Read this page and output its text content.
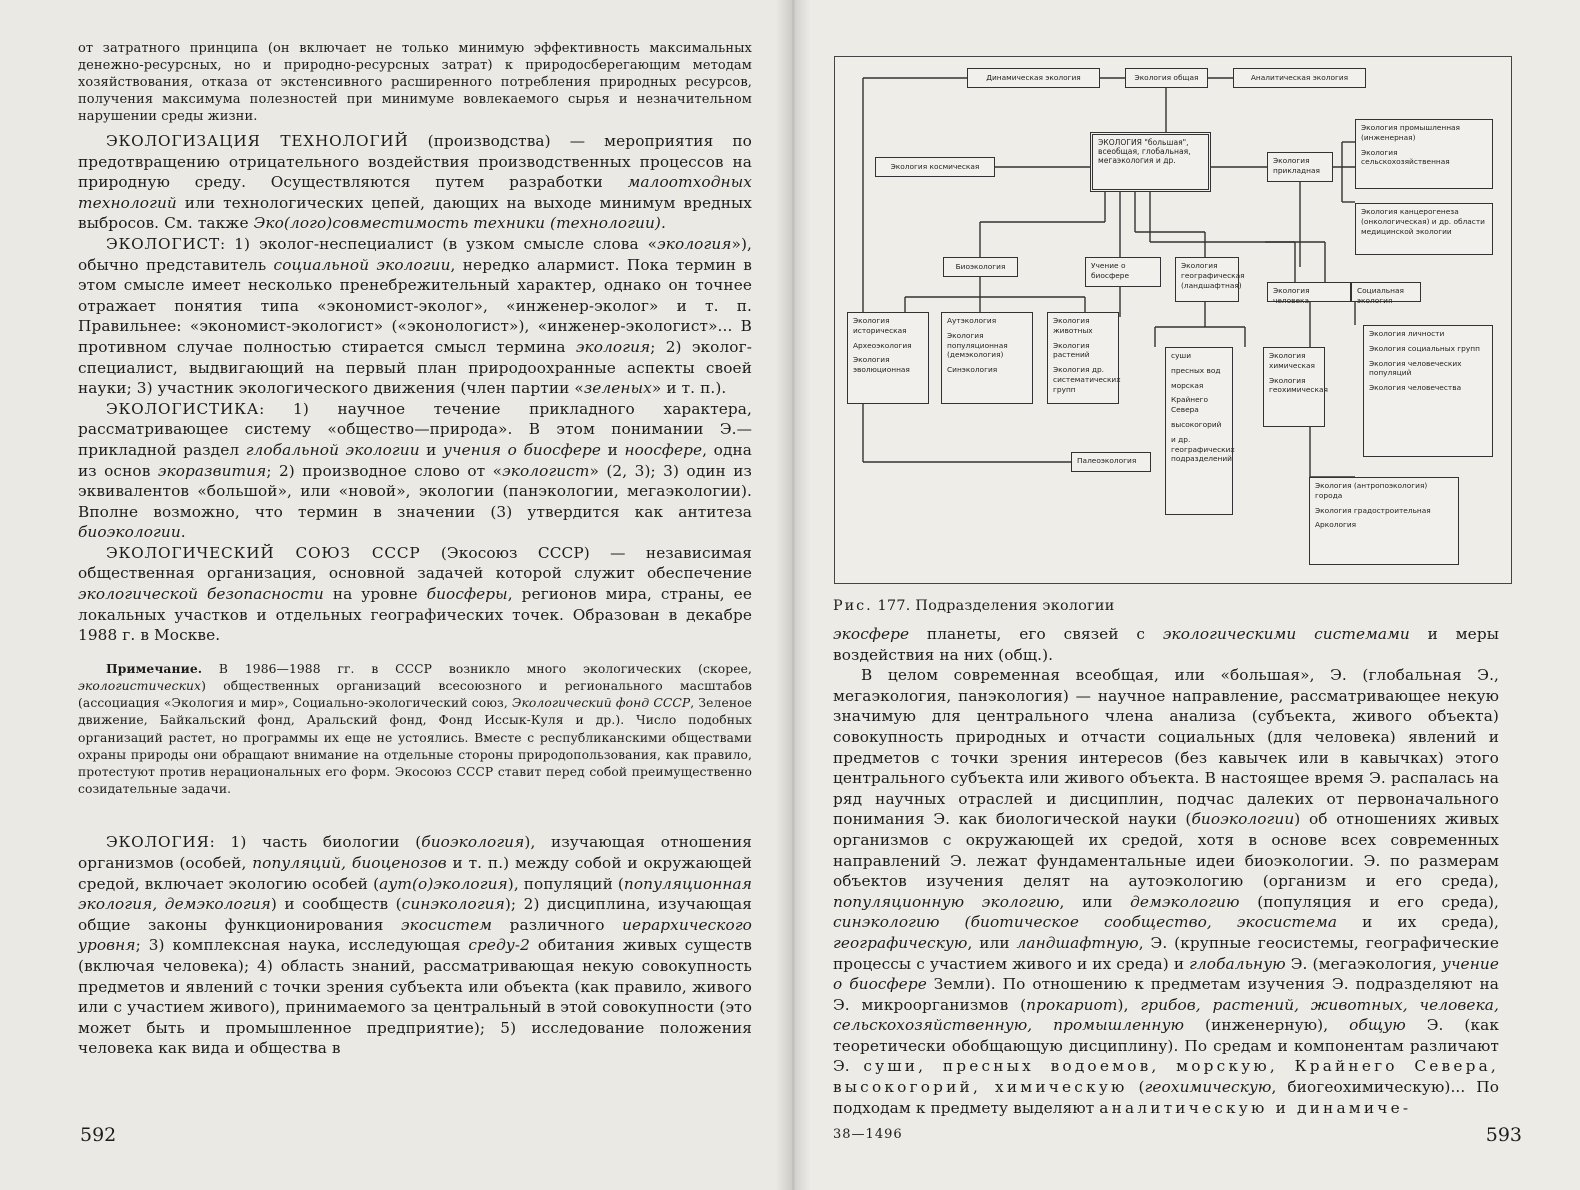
от затратного принципа (он включает не только минимую эффективность максимальных денежно-ресурсных, но и природно-ресурсных затрат) к природосберегающим методам хозяйствования, отказа от экстенсивного расширенного потребления природных ресурсов, получения максимума полезностей при минимуме вовлекаемого сырья и незначительном нарушении среды жизни.

ЭКОЛОГИЗАЦИЯ ТЕХНОЛОГИЙ (производства) — мероприятия по предотвращению отрицательного воздействия производственных процессов на природную среду. Осуществляются путем разработки малоотходных технологий или технологических цепей, дающих на выходе минимум вредных выбросов. См. также Эко(лого)совместимость техники (технологии).

ЭКОЛОГИСТ: 1) эколог-неспециалист (в узком смысле слова «экология»), обычно представитель социальной экологии, нередко алармист. Пока термин в этом смысле имеет несколько пренебрежительный характер, однако он точнее отражает понятия типа «экономист-эколог», «инженер-эколог» и т. п. Правильнее: «экономист-экологист» («эконологист»), «инженер-экологист»... В противном случае полностью стирается смысл термина экология; 2) эколог-специалист, выдвигающий на первый план природоохранные аспекты своей науки; 3) участник экологического движения (член партии «зеленых» и т. п.).

ЭКОЛОГИСТИКА: 1) научное течение прикладного характера, рассматривающее систему «общество—природа». В этом понимании Э.— прикладной раздел глобальной экологии и учения о биосфере и ноосфере, одна из основ экоразвития; 2) производное слово от «экологист» (2, 3); 3) один из эквивалентов «большой», или «новой», экологии (панэкологии, мегаэкологии). Вполне возможно, что термин в значении (3) утвердится как антитеза биоэкологии.

ЭКОЛОГИЧЕСКИЙ СОЮЗ СССР (Экосоюз СССР) — независимая общественная организация, основной задачей которой служит обеспечение экологической безопасности на уровне биосферы, регионов мира, страны, ее локальных участков и отдельных географических точек. Образован в декабре 1988 г. в Москве.

Примечание. В 1986—1988 гг. в СССР возникло много экологических (скорее, экологистических) общественных организаций всесоюзного и регионального масштабов (ассоциация «Экология и мир», Социально-экологический союз, Экологический фонд СССР, Зеленое движение, Байкальский фонд, Аральский фонд, Фонд Иссык-Куля и др.). Число подобных организаций растет, но программы их еще не устоялись. Вместе с республиканскими обществами охраны природы они обращают внимание на отдельные стороны природопользования, как правило, протестуют против нерациональных его форм. Экосоюз СССР ставит перед собой преимущественно созидательные задачи.

ЭКОЛОГИЯ: 1) часть биологии (биоэкология), изучающая отношения организмов (особей, популяций, биоценозов и т. п.) между собой и окружающей средой, включает экологию особей (аут(о)экология), популяций (популяционная экология, демэкология) и сообществ (синэкология); 2) дисциплина, изучающая общие законы функционирования экосистем различного иерархического уровня; 3) комплексная наука, исследующая среду-2 обитания живых существ (включая человека); 4) область знаний, рассматривающая некую совокупность предметов и явлений с точки зрения субъекта или объекта (как правило, живого или с участием живого), принимаемого за центральный в этой совокупности (это может быть и промышленное предприятие); 5) исследование положения человека как вида и общества в

592
Динамическая экология	Экология общая	Аналитическая экология
ЭКОЛОГИЯ "большая", всеобщая, глобальная, мегаэкология и др.
Экология космическая
Экология прикладная
Экология промышленная (инженерная)
Экология сельскохозяйственная
Экология канцерогенеза (онкологическая) и др. области медицинской экологии
Биоэкология	Учение о биосфере
Экология географическая (ландшафтная)
Экология человека
Социальная экология
Экология историческая
Археоэкология
Экология эволюционная
Аутэкология
Экология популяционная (демэкология)
Синэкология
Экология животных
Экология растений
Экология др. систематических групп
Палеоэкология
суши
пресных вод
морская
Крайнего Севера
высокогорий
и др. географических подразделений
Экология химическая
Экология геохимическая
Экология личности
Экология социальных групп
Экология человеческих популяций
Экология человечества
Экология (антропоэкология) города
Экология градостроительная
Аркология
Рис. 177. Подразделения экологии

экосфере планеты, его связей с экологическими системами и меры воздействия на них (общ.).

В целом современная всеобщая, или «большая», Э. (глобальная Э., мегаэкология, панэкология) — научное направление, рассматривающее некую значимую для центрального члена анализа (субъекта, живого объекта) совокупность природных и отчасти социальных (для человека) явлений и предметов с точки зрения интересов (без кавычек или в кавычках) этого центрального субъекта или живого объекта. В настоящее время Э. распалась на ряд научных отраслей и дисциплин, подчас далеких от первоначального понимания Э. как биологической науки (биоэкологии) об отношениях живых организмов с окружающей их средой, хотя в основе всех современных направлений Э. лежат фундаментальные идеи биоэкологии. Э. по размерам объектов изучения делят на аутоэкологию (организм и его среда), популяционную экологию, или демэкологию (популяция и его среда), синэкологию (биотическое сообщество, экосистема и их среда), географическую, или ландшафтную, Э. (крупные геосистемы, географические процессы с участием живого и их среда) и глобальную Э. (мегаэкология, учение о биосфере Земли). По отношению к предметам изучения Э. подразделяют на Э. микроорганизмов (прокариот), грибов, растений, животных, человека, сельскохозяйственную, промышленную (инженерную), общую Э. (как теоретически обобщающую дисциплину). По средам и компонентам различают Э. суши, пресных водоемов, морскую, Крайнего Севера, высокогорий, химическую (геохимическую, биогеохимическую)... По подходам к предмету выделяют аналитическую и динамиче-

38—1496	593
